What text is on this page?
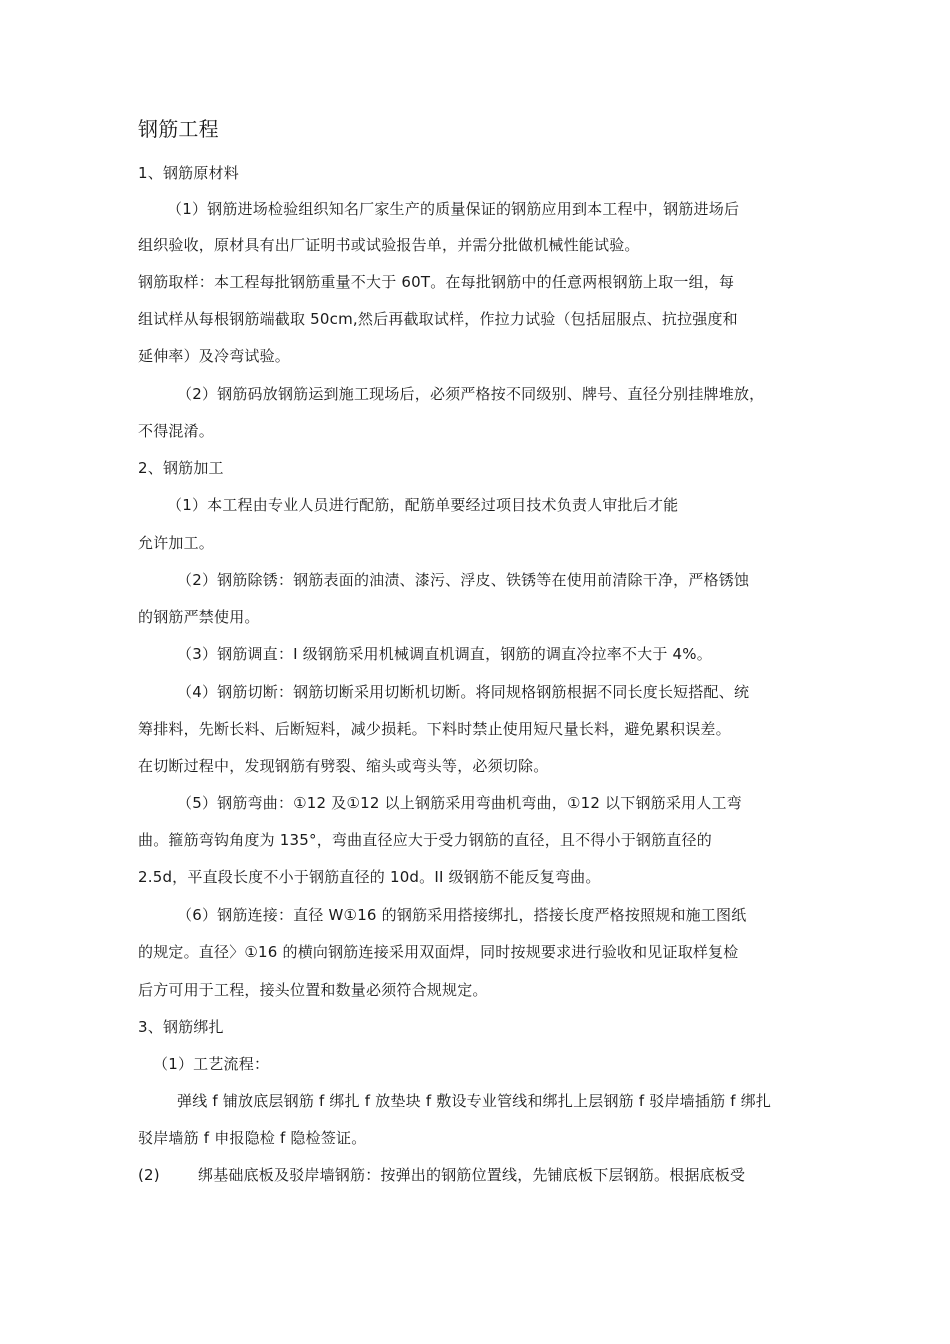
钢筋工程
1、钢筋原材料
（1）钢筋进场检验组织知名厂家生产的质量保证的钢筋应用到本工程中，钢筋进场后
组织验收，原材具有出厂证明书或试验报告单，并需分批做机械性能试验。
钢筋取样：本工程每批钢筋重量不大于 60T。在每批钢筋中的任意两根钢筋上取一组，每
组试样从每根钢筋端截取 50cm,然后再截取试样，作拉力试验（包括屈服点、抗拉强度和
延伸率）及冷弯试验。
（2）钢筋码放钢筋运到施工现场后，必须严格按不同级别、牌号、直径分别挂牌堆放，
不得混淆。
2、钢筋加工
（1）本工程由专业人员进行配筋，配筋单要经过项目技术负责人审批后才能
允许加工。
（2）钢筋除锈：钢筋表面的油渍、漆污、浮皮、铁锈等在使用前清除干净，严格锈蚀
的钢筋严禁使用。
（3）钢筋调直：I 级钢筋采用机械调直机调直，钢筋的调直冷拉率不大于 4%。
（4）钢筋切断：钢筋切断采用切断机切断。将同规格钢筋根据不同长度长短搭配、统
筹排料，先断长料、后断短料，减少损耗。下料时禁止使用短尺量长料，避免累积误差。
在切断过程中，发现钢筋有劈裂、缩头或弯头等，必须切除。
（5）钢筋弯曲：①12 及①12 以上钢筋采用弯曲机弯曲，①12 以下钢筋采用人工弯
曲。箍筋弯钩角度为 135°，弯曲直径应大于受力钢筋的直径，且不得小于钢筋直径的
2.5d，平直段长度不小于钢筋直径的 10d。II 级钢筋不能反复弯曲。
（6）钢筋连接：直径 W①16 的钢筋采用搭接绑扎，搭接长度严格按照规和施工图纸
的规定。直径〉①16 的横向钢筋连接采用双面焊，同时按规要求进行验收和见证取样复检
后方可用于工程，接头位置和数量必须符合规规定。
3、钢筋绑扎
（1）工艺流程：
弹线 f 铺放底层钢筋 f 绑扎 f 放垫块 f 敷设专业管线和绑扎上层钢筋 f 驳岸墙插筋 f 绑扎
驳岸墙筋 f 申报隐检 f 隐检签证。
(2)	绑基础底板及驳岸墙钢筋：按弹出的钢筋位置线，先铺底板下层钢筋。根据底板受
